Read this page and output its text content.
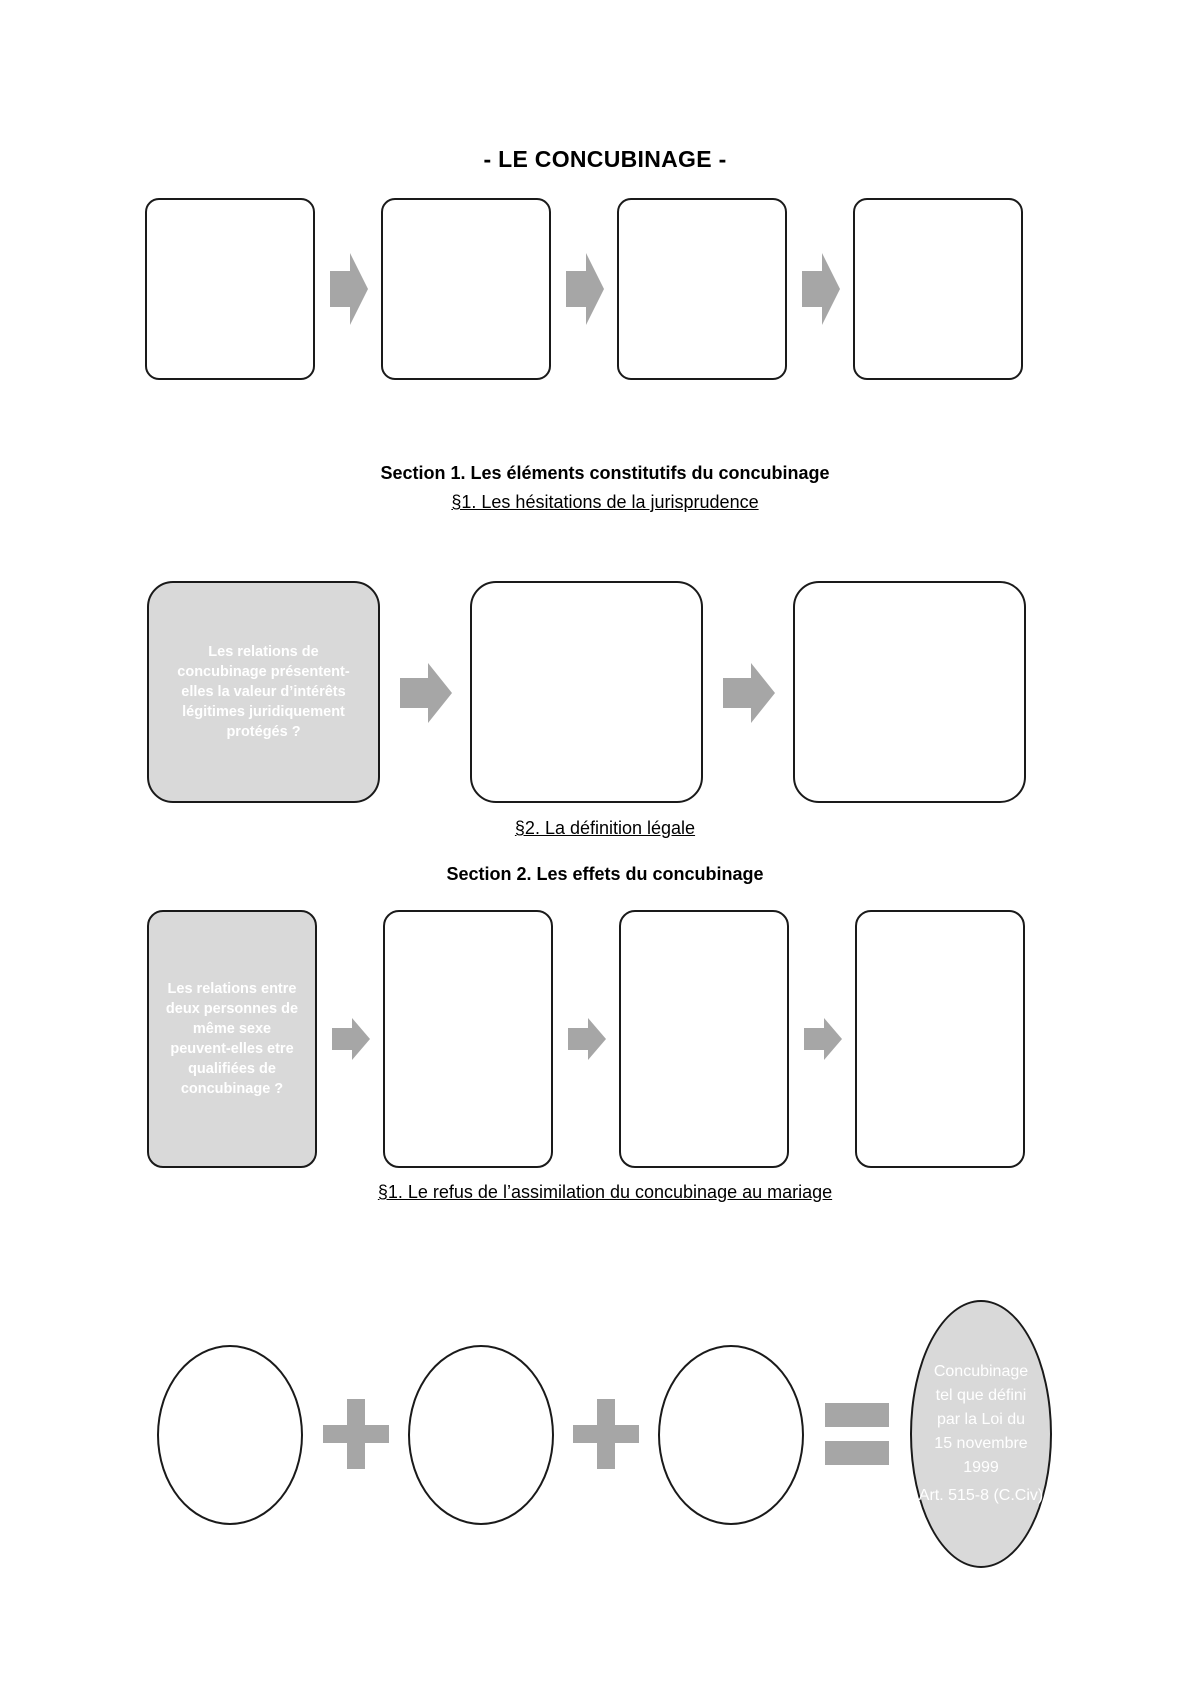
- LE CONCUBINAGE -
Section 1. Les éléments constitutifs du concubinage
§1. Les hésitations de la jurisprudence
Les relations de concubinage présentent-elles la valeur d’intérêts légitimes juridiquement protégés ?
§2. La définition légale
Section 2. Les effets du concubinage
Les relations entre deux personnes de même sexe peuvent-elles etre qualifiées de concubinage ?
§1. Le refus de l’assimilation du concubinage au mariage
Concubinage tel que défini par la Loi du 15 novembre 1999
Art. 515-8 (C.Civ)
